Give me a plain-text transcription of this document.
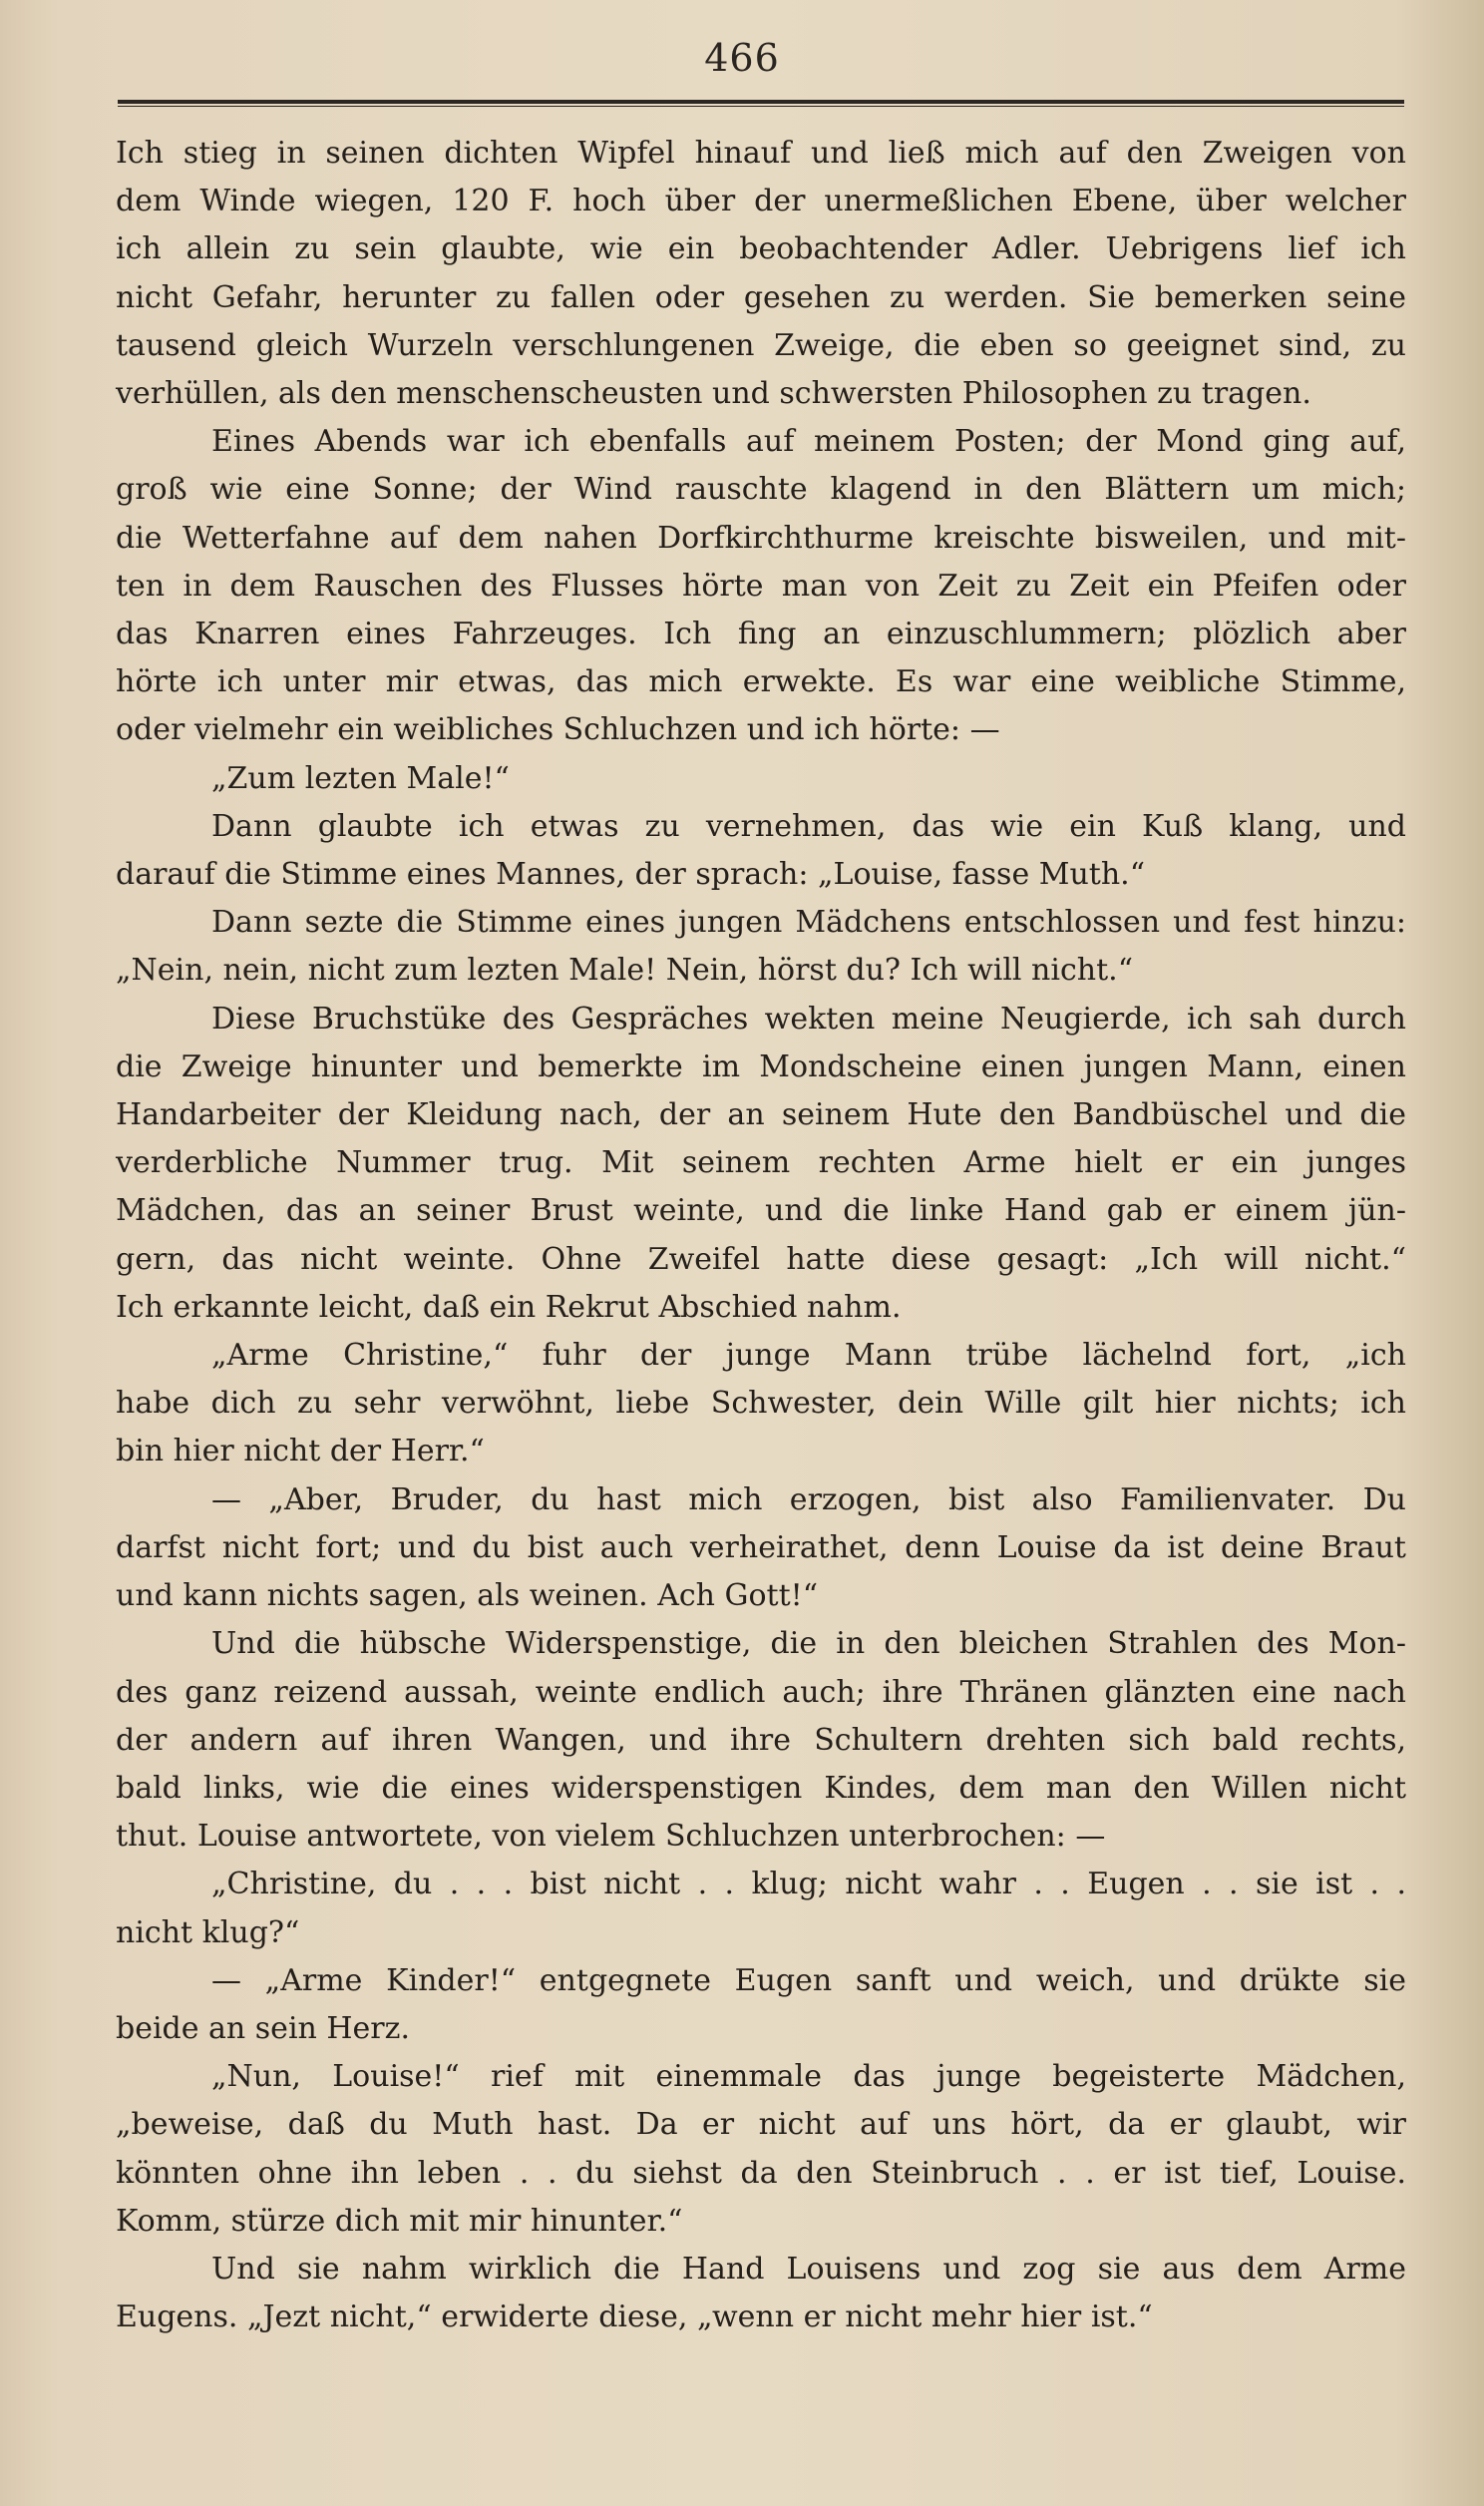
466
Ich stieg in seinen dichten Wipfel hinauf und ließ mich auf den Zweigen von
dem Winde wiegen, 120 F. hoch über der unermeßlichen Ebene, über welcher
ich allein zu sein glaubte, wie ein beobachtender Adler. Uebrigens lief ich
nicht Gefahr, herunter zu fallen oder gesehen zu werden. Sie bemerken seine
tausend gleich Wurzeln verschlungenen Zweige, die eben so geeignet sind, zu
verhüllen, als den menschenscheusten und schwersten Philosophen zu tragen.
Eines Abends war ich ebenfalls auf meinem Posten; der Mond ging auf,
groß wie eine Sonne; der Wind rauschte klagend in den Blättern um mich;
die Wetterfahne auf dem nahen Dorfkirchthurme kreischte bisweilen, und mit-
ten in dem Rauschen des Flusses hörte man von Zeit zu Zeit ein Pfeifen oder
das Knarren eines Fahrzeuges. Ich fing an einzuschlummern; plözlich aber
hörte ich unter mir etwas, das mich erwekte. Es war eine weibliche Stimme,
oder vielmehr ein weibliches Schluchzen und ich hörte: —
„Zum lezten Male!“
Dann glaubte ich etwas zu vernehmen, das wie ein Kuß klang, und
darauf die Stimme eines Mannes, der sprach: „Louise, fasse Muth.“
Dann sezte die Stimme eines jungen Mädchens entschlossen und fest hinzu:
„Nein, nein, nicht zum lezten Male! Nein, hörst du? Ich will nicht.“
Diese Bruchstüke des Gespräches wekten meine Neugierde, ich sah durch
die Zweige hinunter und bemerkte im Mondscheine einen jungen Mann, einen
Handarbeiter der Kleidung nach, der an seinem Hute den Bandbüschel und die
verderbliche Nummer trug. Mit seinem rechten Arme hielt er ein junges
Mädchen, das an seiner Brust weinte, und die linke Hand gab er einem jün-
gern, das nicht weinte. Ohne Zweifel hatte diese gesagt: „Ich will nicht.“
Ich erkannte leicht, daß ein Rekrut Abschied nahm.
„Arme Christine,“ fuhr der junge Mann trübe lächelnd fort, „ich
habe dich zu sehr verwöhnt, liebe Schwester, dein Wille gilt hier nichts; ich
bin hier nicht der Herr.“
— „Aber, Bruder, du hast mich erzogen, bist also Familienvater. Du
darfst nicht fort; und du bist auch verheirathet, denn Louise da ist deine Braut
und kann nichts sagen, als weinen. Ach Gott!“
Und die hübsche Widerspenstige, die in den bleichen Strahlen des Mon-
des ganz reizend aussah, weinte endlich auch; ihre Thränen glänzten eine nach
der andern auf ihren Wangen, und ihre Schultern drehten sich bald rechts,
bald links, wie die eines widerspenstigen Kindes, dem man den Willen nicht
thut. Louise antwortete, von vielem Schluchzen unterbrochen: —
„Christine, du . . . bist nicht . . klug; nicht wahr . . Eugen . . sie ist . .
nicht klug?“
— „Arme Kinder!“ entgegnete Eugen sanft und weich, und drükte sie
beide an sein Herz.
„Nun, Louise!“ rief mit einemmale das junge begeisterte Mädchen,
„beweise, daß du Muth hast. Da er nicht auf uns hört, da er glaubt, wir
könnten ohne ihn leben . . du siehst da den Steinbruch . . er ist tief, Louise.
Komm, stürze dich mit mir hinunter.“
Und sie nahm wirklich die Hand Louisens und zog sie aus dem Arme
Eugens. „Jezt nicht,“ erwiderte diese, „wenn er nicht mehr hier ist.“
